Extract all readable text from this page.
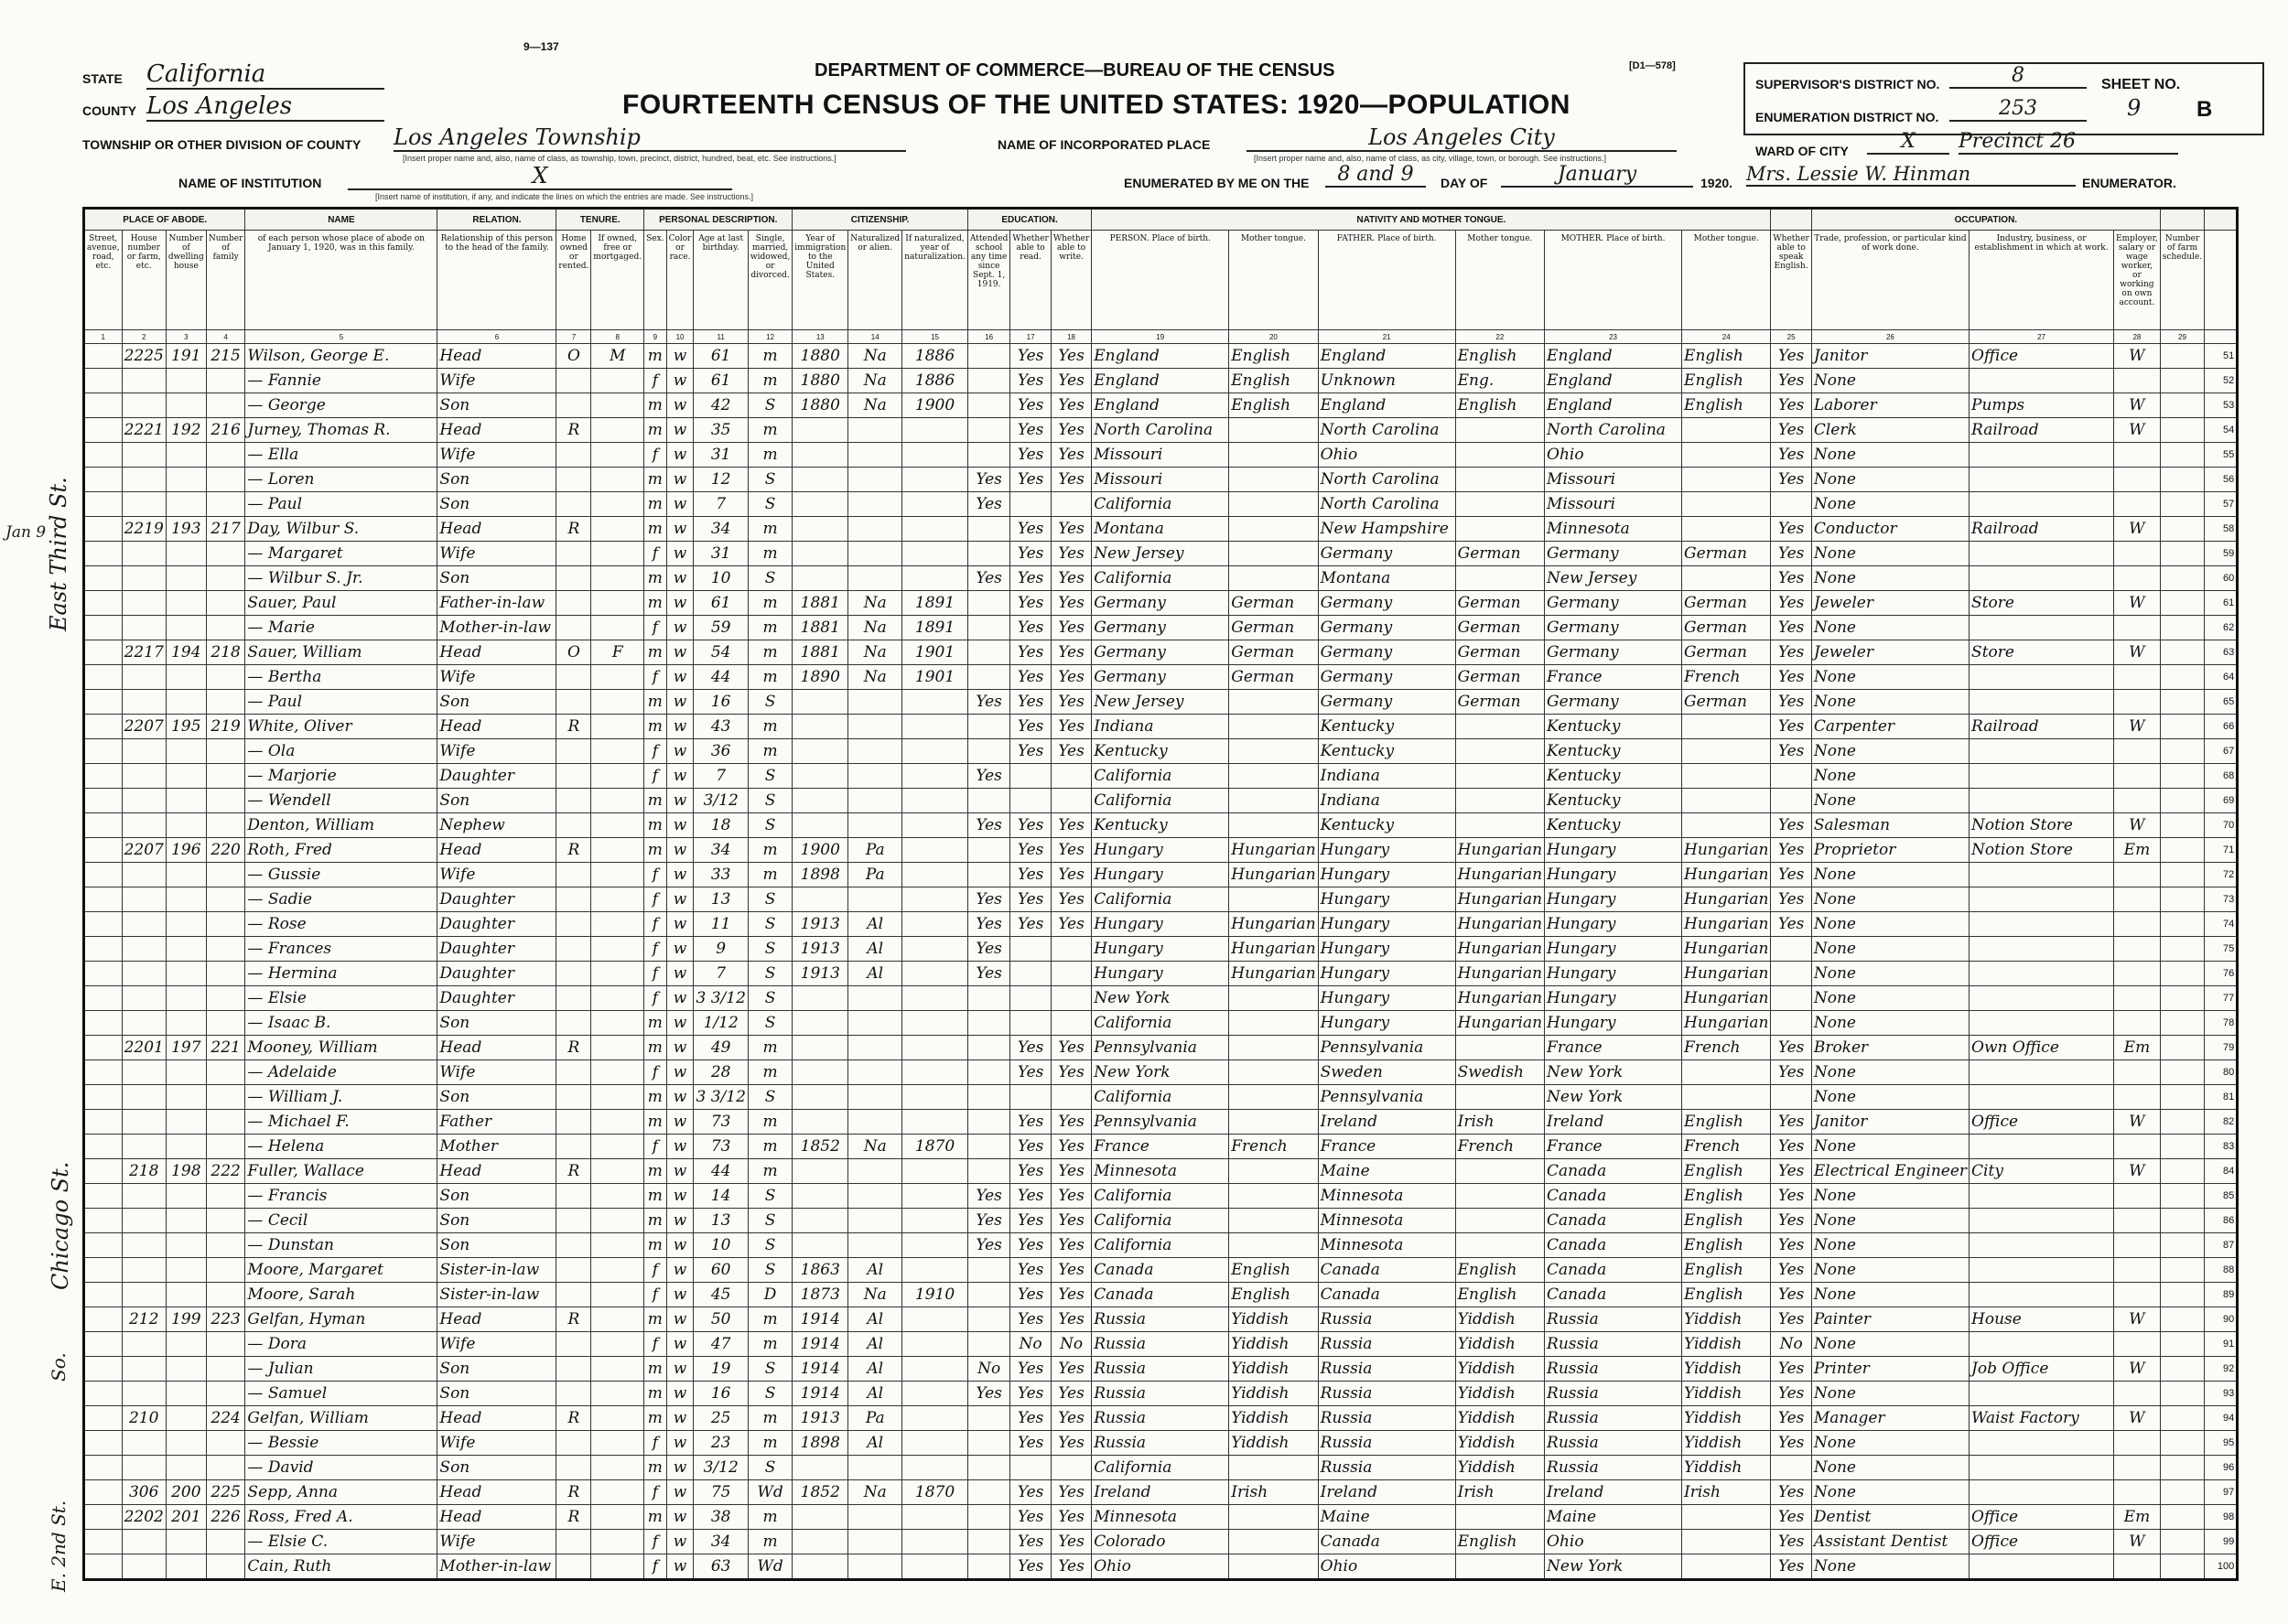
9—137
DEPARTMENT OF COMMERCE—BUREAU OF THE CENSUS	[D1—578]
FOURTEENTH CENSUS OF THE UNITED STATES: 1920—POPULATION
STATE California
COUNTY Los Angeles
TOWNSHIP OR OTHER DIVISION OF COUNTY Los Angeles Township
[Insert proper name and, also, name of class, as township, town, precinct, district, hundred, beat, etc. See instructions.]
NAME OF INCORPORATED PLACE	Los Angeles City
[Insert proper name and, also, name of class, as city, village, town, or borough. See instructions.]
NAME OF INSTITUTION	X
[Insert name of institution, if any, and indicate the lines on which the entries are made. See instructions.]
ENUMERATED BY ME ON THE	8 and 9	DAY OF	January	1920. Mrs. Lessie W. Hinman	ENUMERATOR.
SUPERVISOR'S DISTRICT NO.	8
ENUMERATION DISTRICT NO.	253
SHEET NO.
9	B
WARD OF CITY	X	Precinct 26
Jan 9 East Third St.
Chicago St.
So.
E. 2nd St.
PLACE OF ABODE.				NAME	RELATION.	TENURE.		PERSONAL DESCRIPTION.				CITIZENSHIP.			EDUCATION.			NATIVITY AND MOTHER TONGUE.							OCCUPATION.				
Street, avenue, road, etc.	House number or farm, etc.	Number of dwelling house	Number of family	of each person whose place of abode on January 1, 1920, was in this family.	Relationship of this person to the head of the family.	Home owned or rented.	If owned, free or mortgaged.	Sex.	Color or race.	Age at last birthday.	Single, married, widowed, or divorced.	Year of immigration to the United States.	Naturalized or alien.	If naturalized, year of naturalization.	Attended school any time since Sept. 1, 1919.	Whether able to read.	Whether able to write.	PERSON. Place of birth.	Mother tongue.	FATHER. Place of birth.	Mother tongue.	MOTHER. Place of birth.	Mother tongue.	Whether able to speak English.	Trade, profession, or particular kind of work done.	Industry, business, or establishment in which at work.	Employer, salary or wage worker, or working on own account.	Number of farm schedule.	
1	2	3	4	5	6	7	8	9	10	11	12	13	14	15	16	17	18	19	20	21	22	23	24	25	26	27	28	29	
	2225	191	215	Wilson, George E.	Head	O	M	m	w	61	m	1880	Na	1886		Yes	Yes	England	English	England	English	England	English	Yes	Janitor	Office	W		51
				— Fannie	Wife			f	w	61	m	1880	Na	1886		Yes	Yes	England	English	Unknown	Eng.	England	English	Yes	None				52
				— George	Son			m	w	42	S	1880	Na	1900		Yes	Yes	England	English	England	English	England	English	Yes	Laborer	Pumps	W		53
	2221	192	216	Jurney, Thomas R.	Head	R		m	w	35	m					Yes	Yes	North Carolina		North Carolina		North Carolina		Yes	Clerk	Railroad	W		54
				— Ella	Wife			f	w	31	m					Yes	Yes	Missouri		Ohio		Ohio		Yes	None				55
				— Loren	Son			m	w	12	S				Yes	Yes	Yes	Missouri		North Carolina		Missouri		Yes	None				56
				— Paul	Son			m	w	7	S				Yes			California		North Carolina		Missouri			None				57
	2219	193	217	Day, Wilbur S.	Head	R		m	w	34	m					Yes	Yes	Montana		New Hampshire		Minnesota		Yes	Conductor	Railroad	W		58
				— Margaret	Wife			f	w	31	m					Yes	Yes	New Jersey		Germany	German	Germany	German	Yes	None				59
				— Wilbur S. Jr.	Son			m	w	10	S				Yes	Yes	Yes	California		Montana		New Jersey		Yes	None				60
				Sauer, Paul	Father-in-law			m	w	61	m	1881	Na	1891		Yes	Yes	Germany	German	Germany	German	Germany	German	Yes	Jeweler	Store	W		61
				— Marie	Mother-in-law			f	w	59	m	1881	Na	1891		Yes	Yes	Germany	German	Germany	German	Germany	German	Yes	None				62
	2217	194	218	Sauer, William	Head	O	F	m	w	54	m	1881	Na	1901		Yes	Yes	Germany	German	Germany	German	Germany	German	Yes	Jeweler	Store	W		63
				— Bertha	Wife			f	w	44	m	1890	Na	1901		Yes	Yes	Germany	German	Germany	German	France	French	Yes	None				64
				— Paul	Son			m	w	16	S				Yes	Yes	Yes	New Jersey		Germany	German	Germany	German	Yes	None				65
	2207	195	219	White, Oliver	Head	R		m	w	43	m					Yes	Yes	Indiana		Kentucky		Kentucky		Yes	Carpenter	Railroad	W		66
				— Ola	Wife			f	w	36	m					Yes	Yes	Kentucky		Kentucky		Kentucky		Yes	None				67
				— Marjorie	Daughter			f	w	7	S				Yes			California		Indiana		Kentucky			None				68
				— Wendell	Son			m	w	3/12	S							California		Indiana		Kentucky			None				69
				Denton, William	Nephew			m	w	18	S				Yes	Yes	Yes	Kentucky		Kentucky		Kentucky		Yes	Salesman	Notion Store	W		70
	2207	196	220	Roth, Fred	Head	R		m	w	34	m	1900	Pa			Yes	Yes	Hungary	Hungarian	Hungary	Hungarian	Hungary	Hungarian	Yes	Proprietor	Notion Store	Em		71
				— Gussie	Wife			f	w	33	m	1898	Pa			Yes	Yes	Hungary	Hungarian	Hungary	Hungarian	Hungary	Hungarian	Yes	None				72
				— Sadie	Daughter			f	w	13	S				Yes	Yes	Yes	California		Hungary	Hungarian	Hungary	Hungarian	Yes	None				73
				— Rose	Daughter			f	w	11	S	1913	Al		Yes	Yes	Yes	Hungary	Hungarian	Hungary	Hungarian	Hungary	Hungarian	Yes	None				74
				— Frances	Daughter			f	w	9	S	1913	Al		Yes			Hungary	Hungarian	Hungary	Hungarian	Hungary	Hungarian		None				75
				— Hermina	Daughter			f	w	7	S	1913	Al		Yes			Hungary	Hungarian	Hungary	Hungarian	Hungary	Hungarian		None				76
				— Elsie	Daughter			f	w	3 3/12	S							New York		Hungary	Hungarian	Hungary	Hungarian		None				77
				— Isaac B.	Son			m	w	1/12	S							California		Hungary	Hungarian	Hungary	Hungarian		None				78
	2201	197	221	Mooney, William	Head	R		m	w	49	m					Yes	Yes	Pennsylvania		Pennsylvania		France	French	Yes	Broker	Own Office	Em		79
				— Adelaide	Wife			f	w	28	m					Yes	Yes	New York		Sweden	Swedish	New York		Yes	None				80
				— William J.	Son			m	w	3 3/12	S							California		Pennsylvania		New York			None				81
				— Michael F.	Father			m	w	73	m					Yes	Yes	Pennsylvania		Ireland	Irish	Ireland	English	Yes	Janitor	Office	W		82
				— Helena	Mother			f	w	73	m	1852	Na	1870		Yes	Yes	France	French	France	French	France	French	Yes	None				83
	218	198	222	Fuller, Wallace	Head	R		m	w	44	m					Yes	Yes	Minnesota		Maine		Canada	English	Yes	Electrical Engineer	City	W		84
				— Francis	Son			m	w	14	S				Yes	Yes	Yes	California		Minnesota		Canada	English	Yes	None				85
				— Cecil	Son			m	w	13	S				Yes	Yes	Yes	California		Minnesota		Canada	English	Yes	None				86
				— Dunstan	Son			m	w	10	S				Yes	Yes	Yes	California		Minnesota		Canada	English	Yes	None				87
				Moore, Margaret	Sister-in-law			f	w	60	S	1863	Al			Yes	Yes	Canada	English	Canada	English	Canada	English	Yes	None				88
				Moore, Sarah	Sister-in-law			f	w	45	D	1873	Na	1910		Yes	Yes	Canada	English	Canada	English	Canada	English	Yes	None				89
	212	199	223	Gelfan, Hyman	Head	R		m	w	50	m	1914	Al			Yes	Yes	Russia	Yiddish	Russia	Yiddish	Russia	Yiddish	Yes	Painter	House	W		90
				— Dora	Wife			f	w	47	m	1914	Al			No	No	Russia	Yiddish	Russia	Yiddish	Russia	Yiddish	No	None				91
				— Julian	Son			m	w	19	S	1914	Al		No	Yes	Yes	Russia	Yiddish	Russia	Yiddish	Russia	Yiddish	Yes	Printer	Job Office	W		92
				— Samuel	Son			m	w	16	S	1914	Al		Yes	Yes	Yes	Russia	Yiddish	Russia	Yiddish	Russia	Yiddish	Yes	None				93
	210		224	Gelfan, William	Head	R		m	w	25	m	1913	Pa			Yes	Yes	Russia	Yiddish	Russia	Yiddish	Russia	Yiddish	Yes	Manager	Waist Factory	W		94
				— Bessie	Wife			f	w	23	m	1898	Al			Yes	Yes	Russia	Yiddish	Russia	Yiddish	Russia	Yiddish	Yes	None				95
				— David	Son			m	w	3/12	S							California		Russia	Yiddish	Russia	Yiddish		None				96
	306	200	225	Sepp, Anna	Head	R		f	w	75	Wd	1852	Na	1870		Yes	Yes	Ireland	Irish	Ireland	Irish	Ireland	Irish	Yes	None				97
	2202	201	226	Ross, Fred A.	Head	R		m	w	38	m					Yes	Yes	Minnesota		Maine		Maine		Yes	Dentist	Office	Em		98
				— Elsie C.	Wife			f	w	34	m					Yes	Yes	Colorado		Canada	English	Ohio		Yes	Assistant Dentist	Office	W		99
				Cain, Ruth	Mother-in-law			f	w	63	Wd					Yes	Yes	Ohio		Ohio		New York		Yes	None				100
